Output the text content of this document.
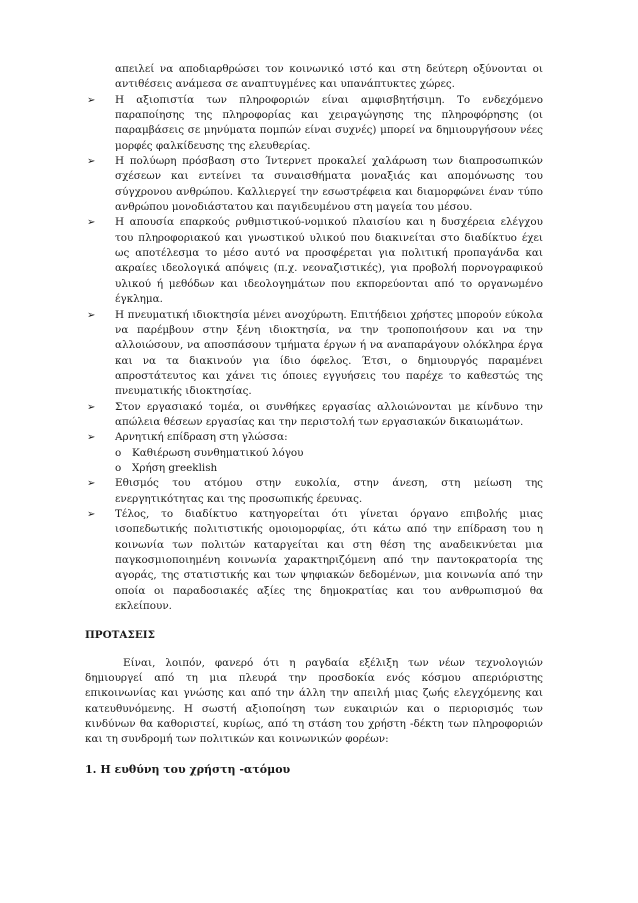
απειλεί να αποδιαρθρώσει τον κοινωνικό ιστό και στη δεύτερη οξύνονται οι αντιθέσεις ανάμεσα σε αναπτυγμένες και υπανάπτυκτες χώρες.

➢ Η αξιοπιστία των πληροφοριών είναι αμφισβητήσιμη. Το ενδεχόμενο παραποίησης της πληροφορίας και χειραγώγησης της πληροφόρησης (οι παραμβάσεις σε μηνύματα πομπών είναι συχνές) μπορεί να δημιουργήσουν νέες μορφές φαλκίδευσης της ελευθερίας.
➢ Η πολύωρη πρόσβαση στο Ίντερνετ προκαλεί χαλάρωση των διαπροσωπικών σχέσεων και εντείνει τα συναισθήματα μοναξιάς και απομόνωσης του σύγχρονου ανθρώπου. Καλλιεργεί την εσωστρέφεια και διαμορφώνει έναν τύπο ανθρώπου μονοδιάστατου και παγιδευμένου στη μαγεία του μέσου.
➢ Η απουσία επαρκούς ρυθμιστικού-νομικού πλαισίου και η δυσχέρεια ελέγχου του πληροφοριακού και γνωστικού υλικού που διακινείται στο διαδίκτυο έχει ως αποτέλεσμα το μέσο αυτό να προσφέρεται για πολιτική προπαγάνδα και ακραίες ιδεολογικά απόψεις (π.χ. νεοναζιστικές), για προβολή πορνογραφικού υλικού ή μεθόδων και ιδεολογημάτων που εκπορεύονται από το οργανωμένο έγκλημα.
➢ Η πνευματική ιδιοκτησία μένει ανοχύρωτη. Επιτήδειοι χρήστες μπορούν εύκολα να παρέμβουν στην ξένη ιδιοκτησία, να την τροποποιήσουν και να την αλλοιώσουν, να αποσπάσουν τμήματα έργων ή να αναπαράγουν ολόκληρα έργα και να τα διακινούν για ίδιο όφελος. Έτσι, ο δημιουργός παραμένει απροστάτευτος και χάνει τις όποιες εγγυήσεις του παρέχε το καθεστώς της πνευματικής ιδιοκτησίας.
➢ Στον εργασιακό τομέα, οι συνθήκες εργασίας αλλοιώνονται με κίνδυνο την απώλεια θέσεων εργασίας και την περιστολή των εργασιακών δικαιωμάτων.
➢ Αρνητική επίδραση στη γλώσσα:
o Καθιέρωση συνθηματικού λόγου
o Χρήση greeklish
➢ Εθισμός του ατόμου στην ευκολία, στην άνεση, στη μείωση της ενεργητικότητας και της προσωπικής έρευνας.
➢ Τέλος, το διαδίκτυο κατηγορείται ότι γίνεται όργανο επιβολής μιας ισοπεδωτικής πολιτιστικής ομοιομορφίας, ότι κάτω από την επίδραση του η κοινωνία των πολιτών καταργείται και στη θέση της αναδεικνύεται μια παγκοσμιοποιημένη κοινωνία χαρακτηριζόμενη από την παντοκρατορία της αγοράς, της στατιστικής και των ψηφιακών δεδομένων, μια κοινωνία από την οποία οι παραδοσιακές αξίες της δημοκρατίας και του ανθρωπισμού θα εκλείπουν.
ΠΡΟΤΑΣΕΙΣ

Είναι, λοιπόν, φανερό ότι η ραγδαία εξέλιξη των νέων τεχνολογιών δημιουργεί από τη μια πλευρά την προσδοκία ενός κόσμου απεριόριστης επικοινωνίας και γνώσης και από την άλλη την απειλή μιας ζωής ελεγχόμενης και κατευθυνόμενης. Η σωστή αξιοποίηση των ευκαιριών και ο περιορισμός των κινδύνων θα καθοριστεί, κυρίως, από τη στάση του χρήστη -δέκτη των πληροφοριών και τη συνδρομή των πολιτικών και κοινωνικών φορέων:

1. Η ευθύνη του χρήστη -ατόμου
